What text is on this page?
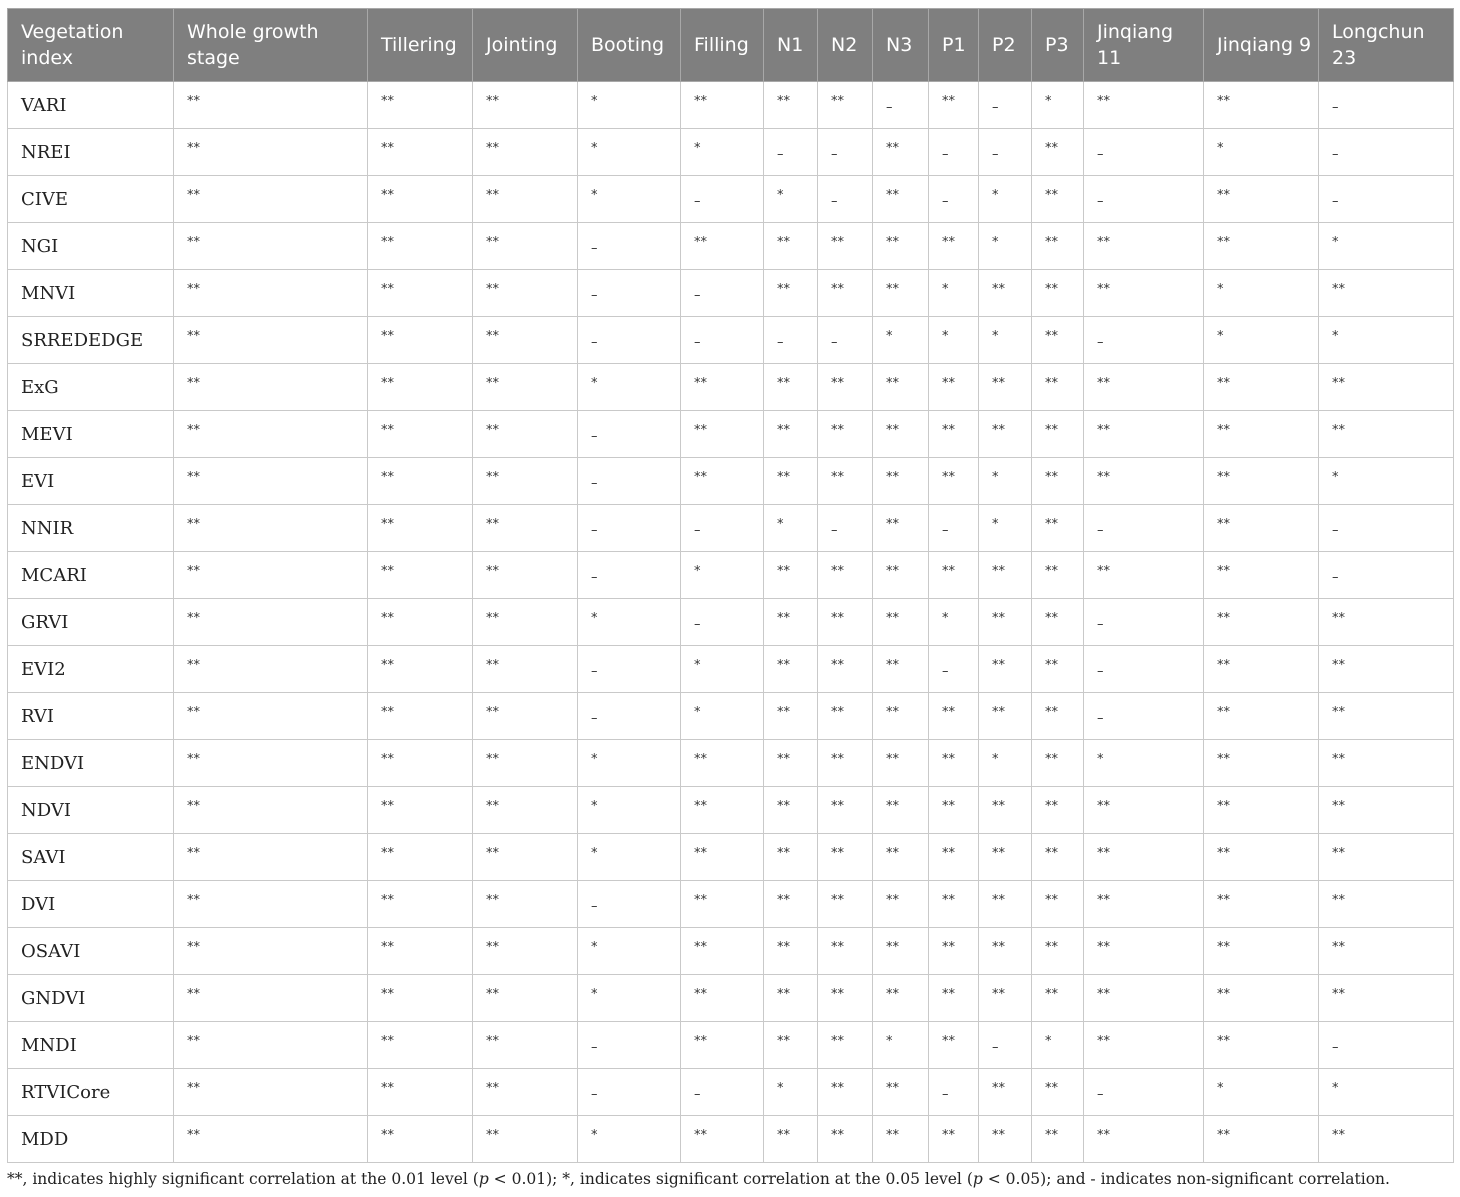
Vegetation index	Whole growth stage	Tillering	Jointing	Booting	Filling	N1	N2	N3	P1	P2	P3	Jinqiang 11	Jinqiang 9	Longchun 23
VARI	**	**	**	*	**	**	**	–	**	–	*	**	**	–
NREI	**	**	**	*	*	–	–	**	–	–	**	–	*	–
CIVE	**	**	**	*	–	*	–	**	–	*	**	–	**	–
NGI	**	**	**	–	**	**	**	**	**	*	**	**	**	*
MNVI	**	**	**	–	–	**	**	**	*	**	**	**	*	**
SRREDEDGE	**	**	**	–	–	–	–	*	*	*	**	–	*	*
ExG	**	**	**	*	**	**	**	**	**	**	**	**	**	**
MEVI	**	**	**	–	**	**	**	**	**	**	**	**	**	**
EVI	**	**	**	–	**	**	**	**	**	*	**	**	**	*
NNIR	**	**	**	–	–	*	–	**	–	*	**	–	**	–
MCARI	**	**	**	–	*	**	**	**	**	**	**	**	**	–
GRVI	**	**	**	*	–	**	**	**	*	**	**	–	**	**
EVI2	**	**	**	–	*	**	**	**	–	**	**	–	**	**
RVI	**	**	**	–	*	**	**	**	**	**	**	–	**	**
ENDVI	**	**	**	*	**	**	**	**	**	*	**	*	**	**
NDVI	**	**	**	*	**	**	**	**	**	**	**	**	**	**
SAVI	**	**	**	*	**	**	**	**	**	**	**	**	**	**
DVI	**	**	**	–	**	**	**	**	**	**	**	**	**	**
OSAVI	**	**	**	*	**	**	**	**	**	**	**	**	**	**
GNDVI	**	**	**	*	**	**	**	**	**	**	**	**	**	**
MNDI	**	**	**	–	**	**	**	*	**	–	*	**	**	–
RTVICore	**	**	**	–	–	*	**	**	–	**	**	–	*	*
MDD	**	**	**	*	**	**	**	**	**	**	**	**	**	**
**, indicates highly significant correlation at the 0.01 level (p < 0.01); *, indicates significant correlation at the 0.05 level (p < 0.05); and - indicates non-significant correlation.
